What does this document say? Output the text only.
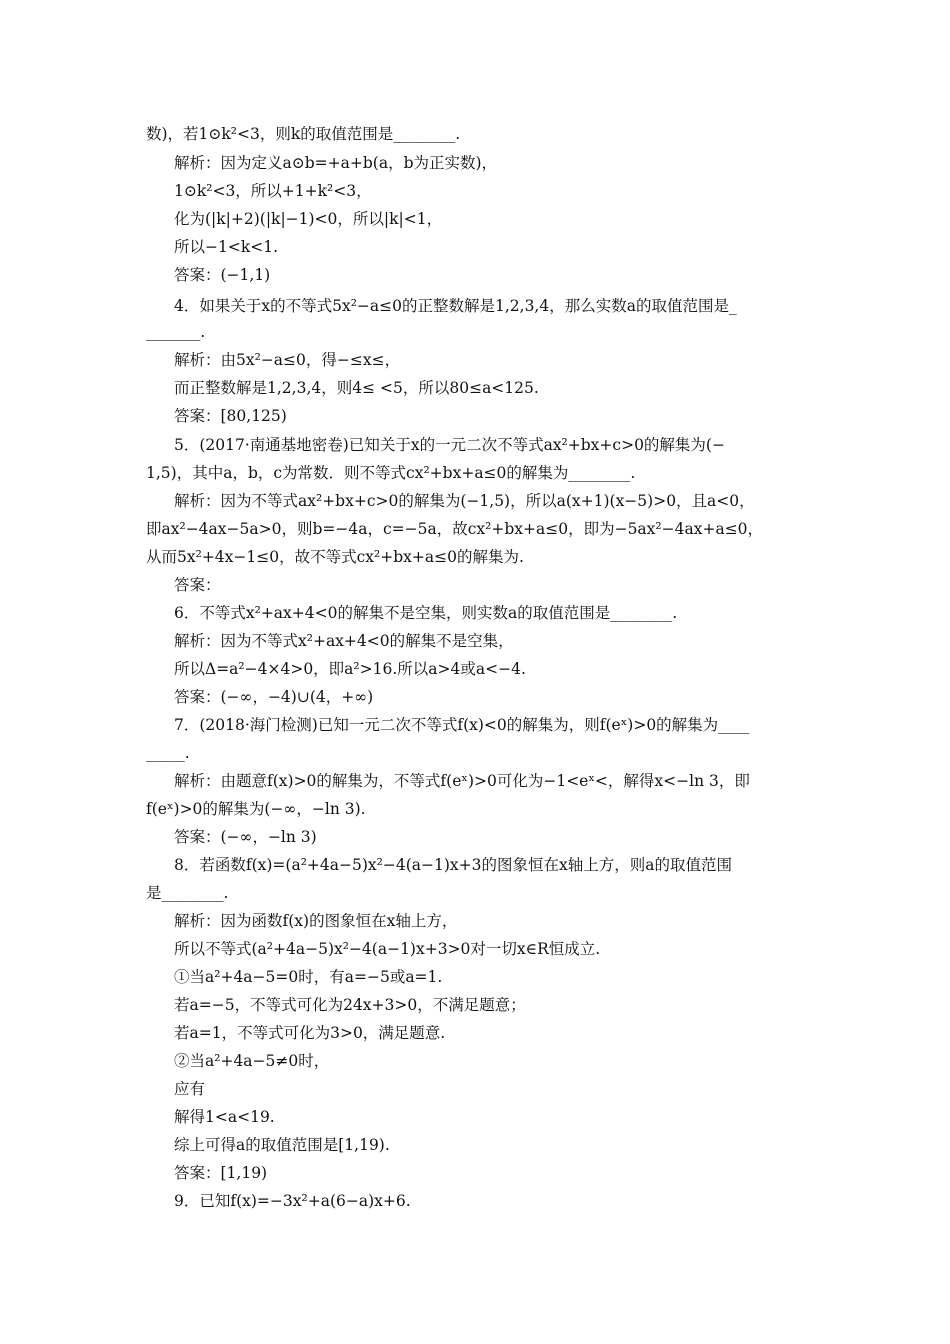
数)，若1⊙k²<3，则k的取值范围是________.
解析：因为定义a⊙b=+a+b(a，b为正实数)，
1⊙k²<3，所以+1+k²<3，
化为(|k|+2)(|k|−1)<0，所以|k|<1，
所以−1<k<1.
答案：(−1,1)
4．如果关于x的不等式5x²−a≤0的正整数解是1,2,3,4，那么实数a的取值范围是_
_______.
解析：由5x²−a≤0，得−≤x≤，
而正整数解是1,2,3,4，则4≤ <5，所以80≤a<125.
答案：[80,125)
5．(2017·南通基地密卷)已知关于x的一元二次不等式ax²+bx+c>0的解集为(−
1,5)，其中a，b，c为常数．则不等式cx²+bx+a≤0的解集为________.
解析：因为不等式ax²+bx+c>0的解集为(−1,5)，所以a(x+1)(x−5)>0，且a<0，
即ax²−4ax−5a>0，则b=−4a，c=−5a，故cx²+bx+a≤0，即为−5ax²−4ax+a≤0，
从而5x²+4x−1≤0，故不等式cx²+bx+a≤0的解集为.
答案：
6．不等式x²+ax+4<0的解集不是空集，则实数a的取值范围是________.
解析：因为不等式x²+ax+4<0的解集不是空集，
所以Δ=a²−4×4>0，即a²>16.所以a>4或a<−4.
答案：(−∞，−4)∪(4，+∞)
7．(2018·海门检测)已知一元二次不等式f(x)<0的解集为，则f(eˣ)>0的解集为____
_____.
解析：由题意f(x)>0的解集为，不等式f(eˣ)>0可化为−1<eˣ<，解得x<−ln 3，即
f(eˣ)>0的解集为(−∞，−ln 3).
答案：(−∞，−ln 3)
8．若函数f(x)=(a²+4a−5)x²−4(a−1)x+3的图象恒在x轴上方，则a的取值范围
是________.
解析：因为函数f(x)的图象恒在x轴上方，
所以不等式(a²+4a−5)x²−4(a−1)x+3>0对一切x∈R恒成立.
①当a²+4a−5=0时，有a=−5或a=1.
若a=−5，不等式可化为24x+3>0，不满足题意；
若a=1，不等式可化为3>0，满足题意.
②当a²+4a−5≠0时，
应有
解得1<a<19.
综上可得a的取值范围是[1,19).
答案：[1,19)
9．已知f(x)=−3x²+a(6−a)x+6.
